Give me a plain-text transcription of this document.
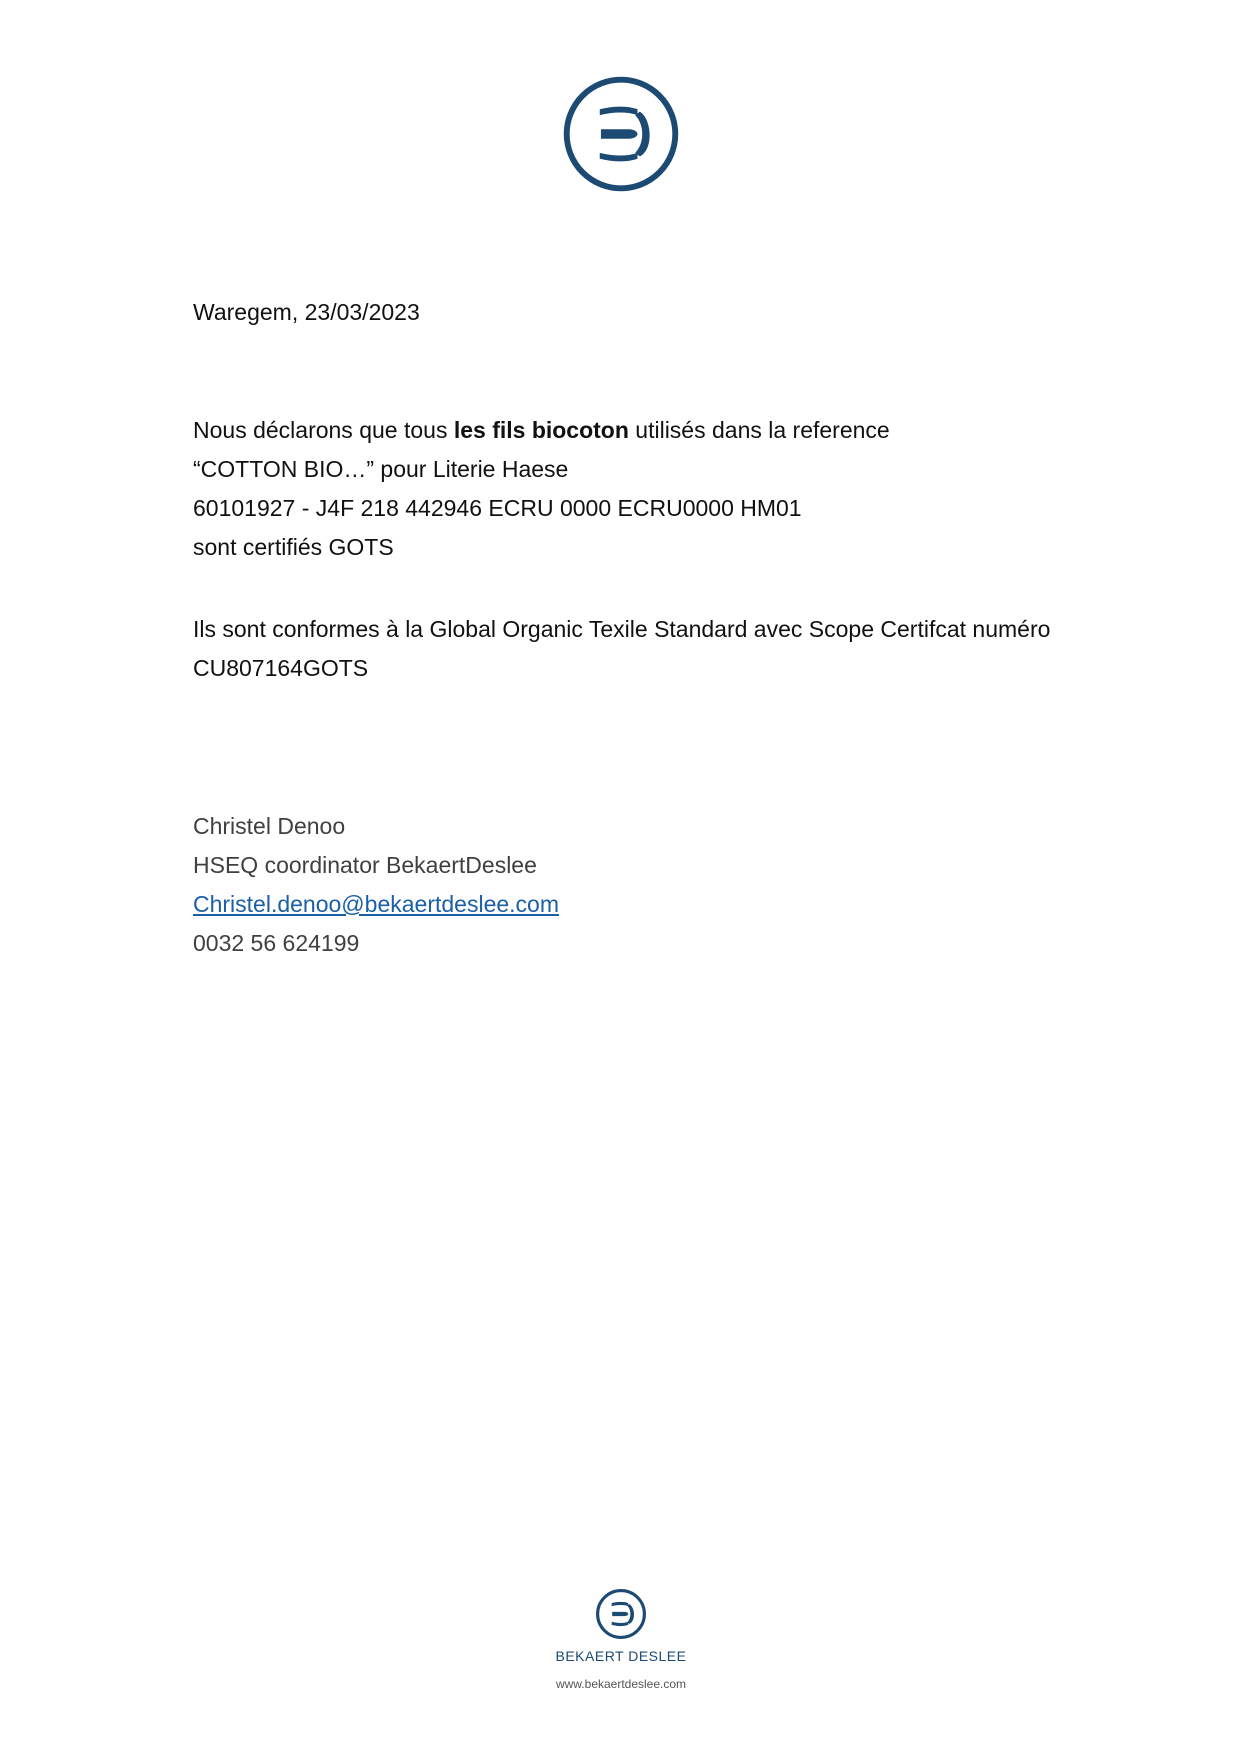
Waregem, 23/03/2023

Nous déclarons que tous les fils biocoton utilisés dans la reference
“COTTON BIO…” pour Literie Haese
60101927 - J4F 218 442946 ECRU 0000 ECRU0000 HM01
sont certifiés GOTS
Ils sont conformes à la Global Organic Texile Standard avec Scope Certifcat numéro
CU807164GOTS
Christel Denoo
HSEQ coordinator BekaertDeslee
Christel.denoo@bekaertdeslee.com
0032 56 624199
BEKAERT DESLEE
www.bekaertdeslee.com
